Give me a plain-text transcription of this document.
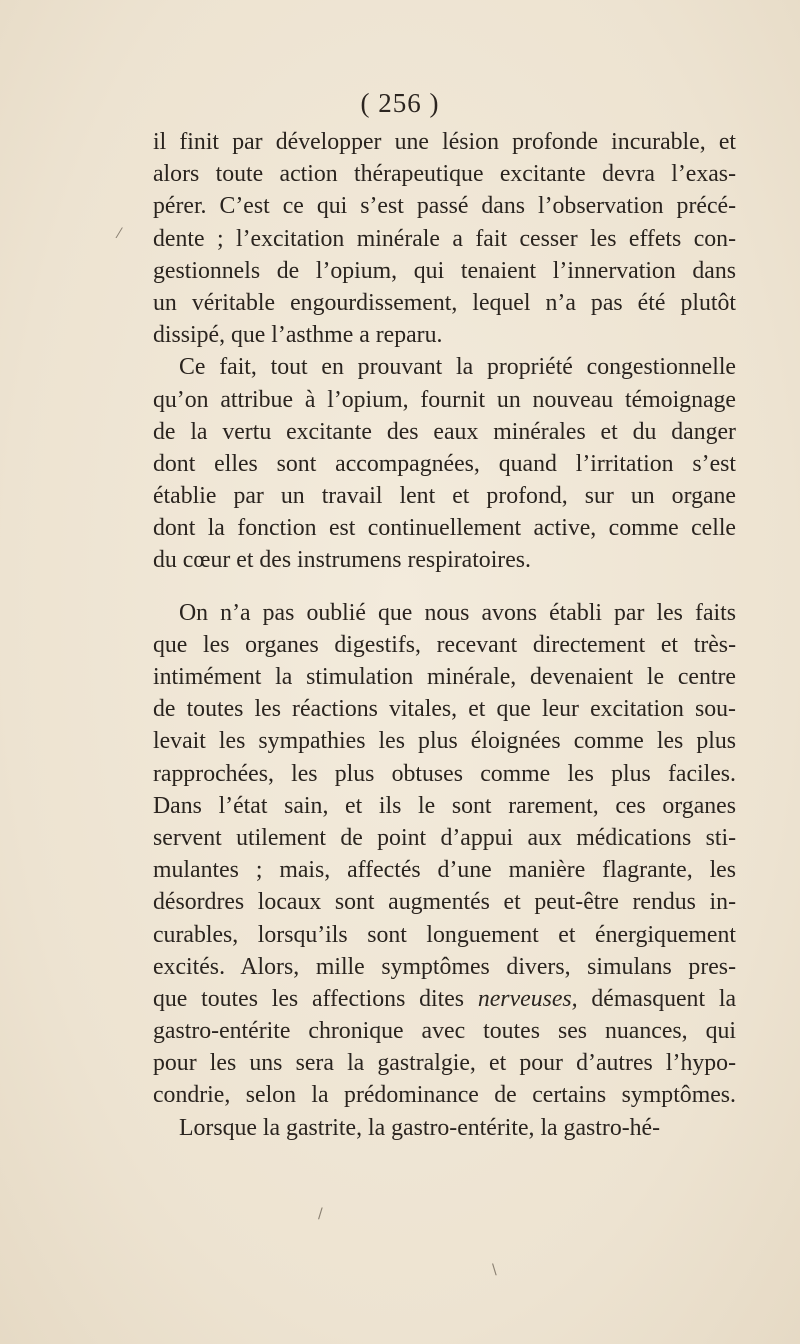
( 256 )
il finit par développer une lésion profonde incurable, et
alors toute action thérapeutique excitante devra l’exas-
pérer. C’est ce qui s’est passé dans l’observation précé-
dente ; l’excitation minérale a fait cesser les effets con-
gestionnels de l’opium, qui tenaient l’innervation dans
un véritable engourdissement, lequel n’a pas été plutôt
dissipé, que l’asthme a reparu.
Ce fait, tout en prouvant la propriété congestionnelle
qu’on attribue à l’opium, fournit un nouveau témoignage
de la vertu excitante des eaux minérales et du danger
dont elles sont accompagnées, quand l’irritation s’est
établie par un travail lent et profond, sur un organe
dont la fonction est continuellement active, comme celle
du cœur et des instrumens respiratoires.
On n’a pas oublié que nous avons établi par les faits
que les organes digestifs, recevant directement et très-
intimément la stimulation minérale, devenaient le centre
de toutes les réactions vitales, et que leur excitation sou-
levait les sympathies les plus éloignées comme les plus
rapprochées, les plus obtuses comme les plus faciles.
Dans l’état sain, et ils le sont rarement, ces organes
servent utilement de point d’appui aux médications sti-
mulantes ; mais, affectés d’une manière flagrante, les
désordres locaux sont augmentés et peut-être rendus in-
curables, lorsqu’ils sont longuement et énergiquement
excités. Alors, mille symptômes divers, simulans pres-
que toutes les affections dites nerveuses, démasquent la
gastro-entérite chronique avec toutes ses nuances, qui
pour les uns sera la gastralgie, et pour d’autres l’hypo-
condrie, selon la prédominance de certains symptômes.
Lorsque la gastrite, la gastro-entérite, la gastro-hé-
⁄
/
\
